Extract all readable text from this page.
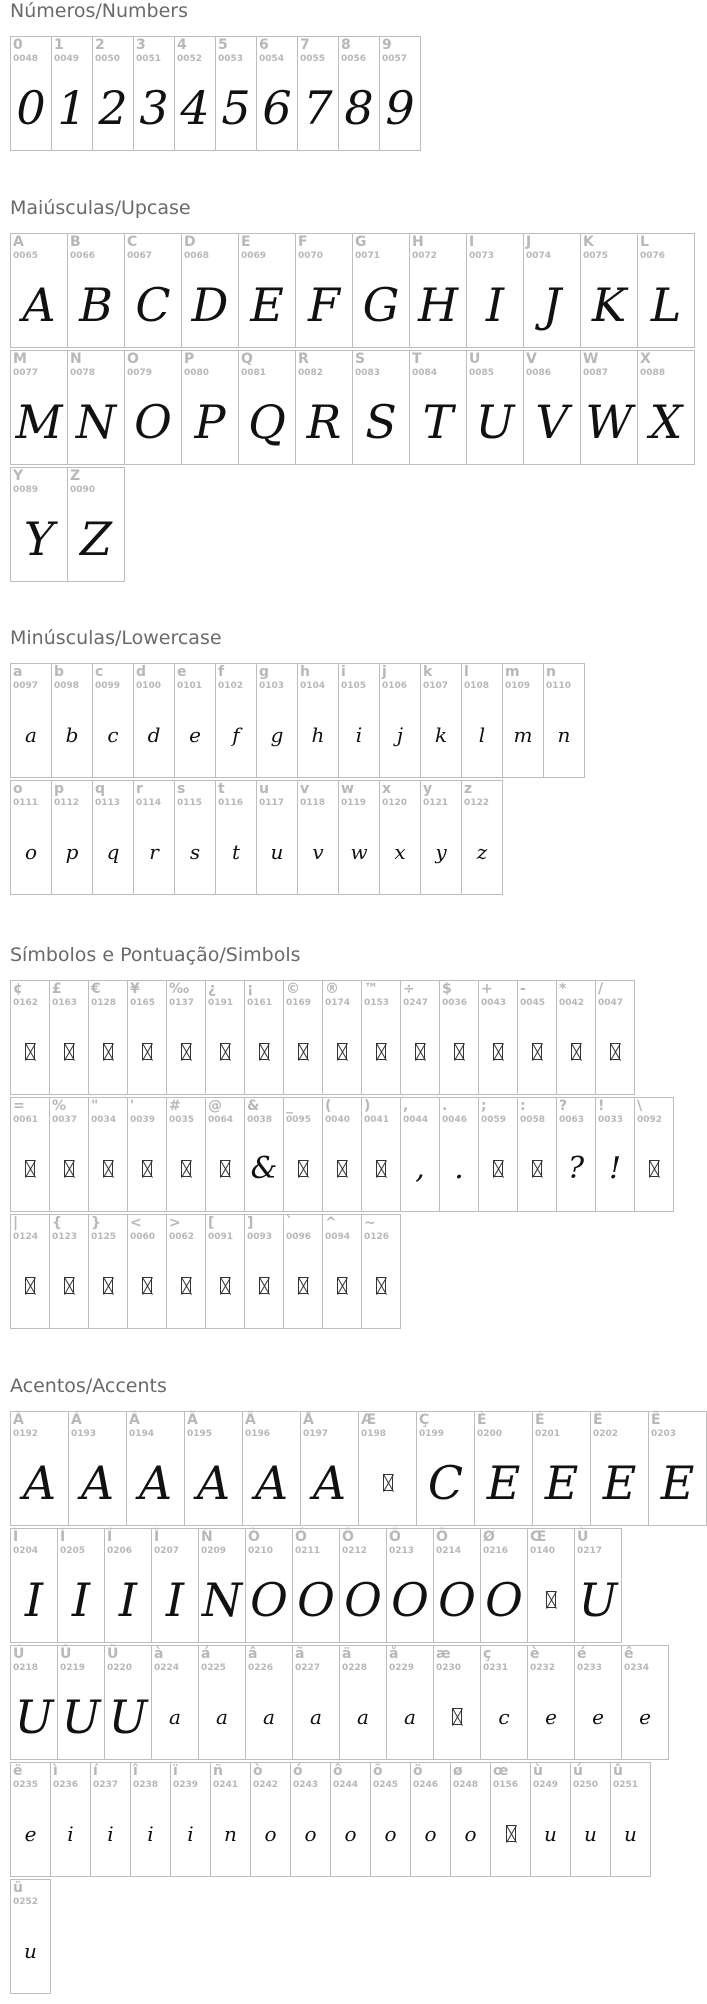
Números/Numbers
0
0048
0
1
0049
1
2
0050
2
3
0051
3
4
0052
4
5
0053
5
6
0054
6
7
0055
7
8
0056
8
9
0057
9
Maiúsculas/Upcase
A
0065
A
B
0066
B
C
0067
C
D
0068
D
E
0069
E
F
0070
F
G
0071
G
H
0072
H
I
0073
I
J
0074
J
K
0075
K
L
0076
L
M
0077
M
N
0078
N
O
0079
O
P
0080
P
Q
0081
Q
R
0082
R
S
0083
S
T
0084
T
U
0085
U
V
0086
V
W
0087
W
X
0088
X
Y
0089
Y
Z
0090
Z
Minúsculas/Lowercase
a
0097
a
b
0098
b
c
0099
c
d
0100
d
e
0101
e
f
0102
f
g
0103
g
h
0104
h
i
0105
i
j
0106
j
k
0107
k
l
0108
l
m
0109
m
n
0110
n
o
0111
o
p
0112
p
q
0113
q
r
0114
r
s
0115
s
t
0116
t
u
0117
u
v
0118
v
w
0119
w
x
0120
x
y
0121
y
z
0122
z
Símbolos e Pontuação/Simbols
¢
0162
£
0163
€
0128
¥
0165
‰
0137
¿
0191
¡
0161
©
0169
®
0174
™
0153
÷
0247
$
0036
+
0043
-
0045
*
0042
/
0047
=
0061
%
0037
"
0034
'
0039
#
0035
@
0064
&
0038
&
_
0095
(
0040
)
0041
,
0044
,
.
0046
.
;
0059
:
0058
?
0063
?
!
0033
!
\
0092
|
0124
{
0123
}
0125
<
0060
>
0062
[
0091
]
0093
`
0096
^
0094
~
0126
Acentos/Accents
À
0192
A
Á
0193
A
Â
0194
A
Ã
0195
A
Ä
0196
A
Å
0197
A
Æ
0198
Ç
0199
C
È
0200
E
É
0201
E
Ê
0202
E
Ë
0203
E
Ì
0204
I
Í
0205
I
Î
0206
I
Ï
0207
I
Ñ
0209
N
Ò
0210
O
Ó
0211
O
Ô
0212
O
Õ
0213
O
Ö
0214
O
Ø
0216
O
Œ
0140
Ù
0217
U
Ú
0218
U
Û
0219
U
Ü
0220
U
à
0224
a
á
0225
a
â
0226
a
ã
0227
a
ä
0228
a
å
0229
a
æ
0230
ç
0231
c
è
0232
e
é
0233
e
ê
0234
e
ë
0235
e
ì
0236
i
í
0237
i
î
0238
i
ï
0239
i
ñ
0241
n
ò
0242
o
ó
0243
o
ô
0244
o
õ
0245
o
ö
0246
o
ø
0248
o
œ
0156
ù
0249
u
ú
0250
u
û
0251
u
ü
0252
u
